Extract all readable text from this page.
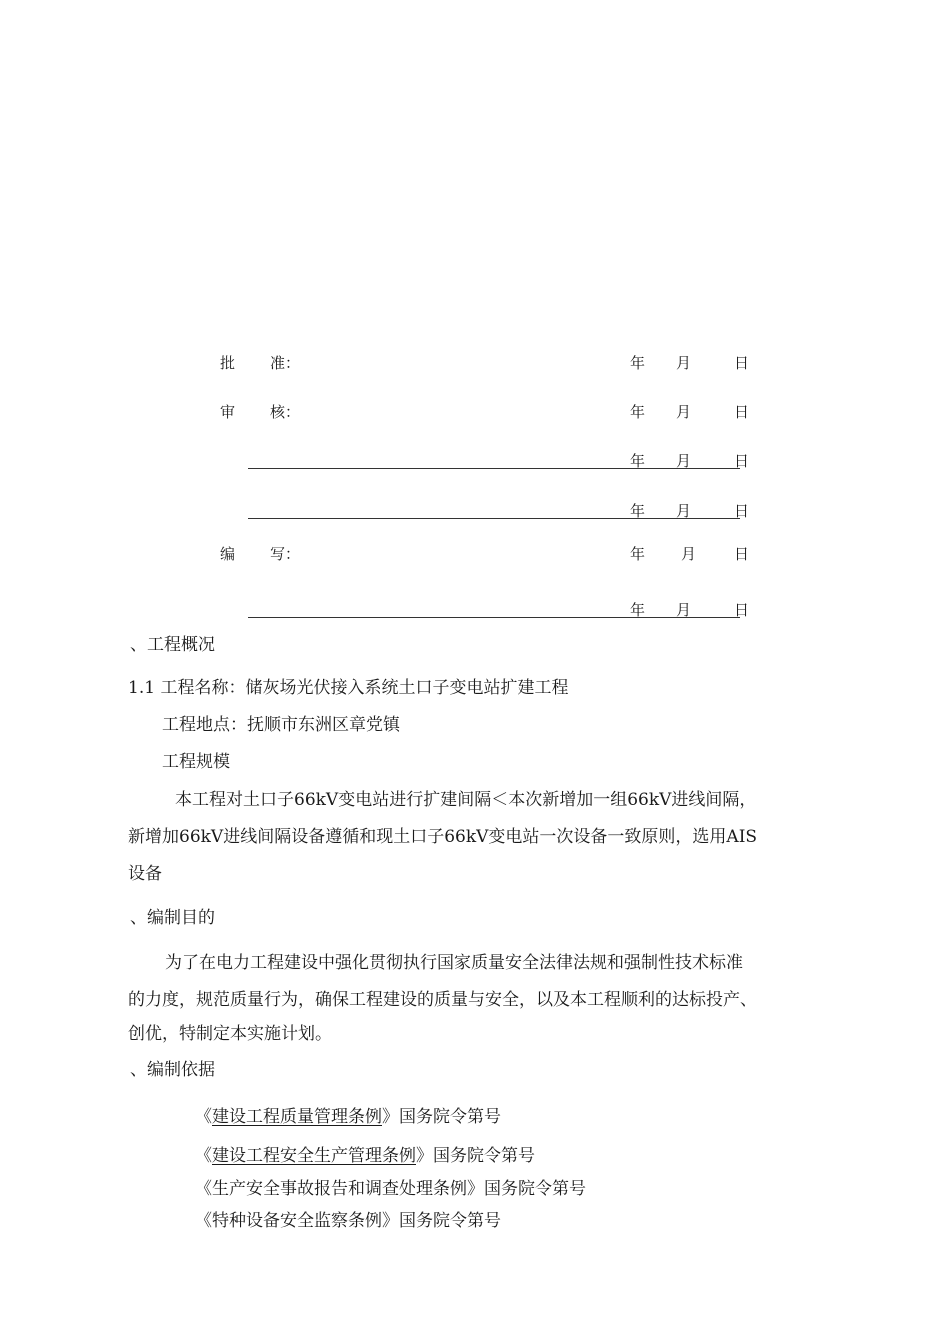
批 准：	年 月	日
审 核：	年 月	日
年 月	日
年 月	日
编 写：	年 月	日
年 月	日
、工程概况
1.1 工程名称：储灰场光伏接入系统土口子变电站扩建工程
工程地点：抚顺市东洲区章党镇
工程规模
本工程对土口子66kV变电站进行扩建间隔＜本次新增加一组66kV进线间隔，
新增加66kV进线间隔设备遵循和现土口子66kV变电站一次设备一致原则，选用AIS
设备
、编制目的
为了在电力工程建设中强化贯彻执行国家质量安全法律法规和强制性技术标准
的力度，规范质量行为，确保工程建设的质量与安全，以及本工程顺利的达标投产、
创优，特制定本实施计划。
、编制依据
《建设工程质量管理条例》国务院令第号
《建设工程安全生产管理条例》国务院令第号
《生产安全事故报告和调查处理条例》国务院令第号
《特种设备安全监察条例》国务院令第号
